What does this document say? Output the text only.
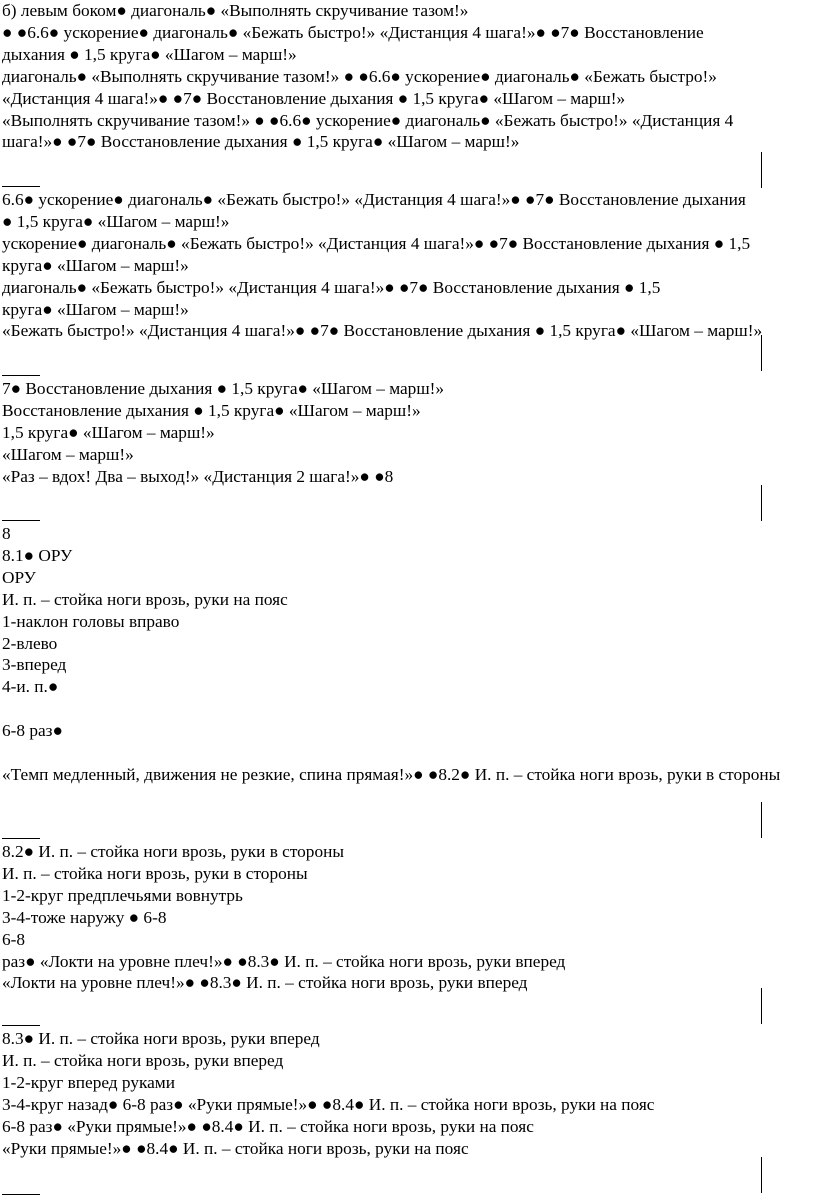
б) левым боком● диагональ● «Выполнять скручивание тазом!»
● ●6.6● ускорение● диагональ● «Бежать быстро!» «Дистанция 4 шага!»● ●7● Восстановление
дыхания ● 1,5 круга● «Шагом – марш!»
диагональ● «Выполнять скручивание тазом!» ● ●6.6● ускорение● диагональ● «Бежать быстро!»
«Дистанция 4 шага!»● ●7● Восстановление дыхания ● 1,5 круга● «Шагом – марш!»
«Выполнять скручивание тазом!» ● ●6.6● ускорение● диагональ● «Бежать быстро!» «Дистанция 4
шага!»● ●7● Восстановление дыхания ● 1,5 круга● «Шагом – марш!»
6.6● ускорение● диагональ● «Бежать быстро!» «Дистанция 4 шага!»● ●7● Восстановление дыхания
● 1,5 круга● «Шагом – марш!»
ускорение● диагональ● «Бежать быстро!» «Дистанция 4 шага!»● ●7● Восстановление дыхания ● 1,5
круга● «Шагом – марш!»
диагональ● «Бежать быстро!» «Дистанция 4 шага!»● ●7● Восстановление дыхания ● 1,5
круга● «Шагом – марш!»
«Бежать быстро!» «Дистанция 4 шага!»● ●7● Восстановление дыхания ● 1,5 круга● «Шагом – марш!»
7● Восстановление дыхания ● 1,5 круга● «Шагом – марш!»
Восстановление дыхания ● 1,5 круга● «Шагом – марш!»
1,5 круга● «Шагом – марш!»
«Шагом – марш!»
«Раз – вдох! Два – выход!» «Дистанция 2 шага!»● ●8
8
8.1● ОРУ
ОРУ
И. п. – стойка ноги врозь, руки на пояс
1-наклон головы вправо
2-влево
3-вперед
4-и. п.●

6-8 раз●

«Темп медленный, движения не резкие, спина прямая!»● ●8.2● И. п. – стойка ноги врозь, руки в стороны
8.2● И. п. – стойка ноги врозь, руки в стороны
И. п. – стойка ноги врозь, руки в стороны
1-2-круг предплечьями вовнутрь
3-4-тоже наружу ● 6-8
6-8
раз● «Локти на уровне плеч!»● ●8.3● И. п. – стойка ноги врозь, руки вперед
«Локти на уровне плеч!»● ●8.3● И. п. – стойка ноги врозь, руки вперед
8.3● И. п. – стойка ноги врозь, руки вперед
И. п. – стойка ноги врозь, руки вперед
1-2-круг вперед руками
3-4-круг назад● 6-8 раз● «Руки прямые!»● ●8.4● И. п. – стойка ноги врозь, руки на пояс
6-8 раз● «Руки прямые!»● ●8.4● И. п. – стойка ноги врозь, руки на пояс
«Руки прямые!»● ●8.4● И. п. – стойка ноги врозь, руки на пояс
